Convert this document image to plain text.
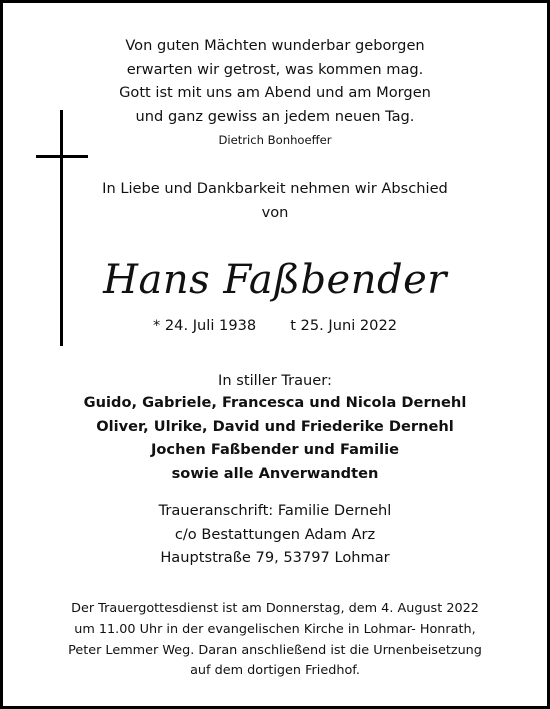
Von guten Mächten wunderbar geborgen
erwarten wir getrost, was kommen mag.
Gott ist mit uns am Abend und am Morgen
und ganz gewiss an jedem neuen Tag.
Dietrich Bonhoeffer
In Liebe und Dankbarkeit nehmen wir Abschied
von
Hans Faßbender
* 24. Juli 1938 t 25. Juni 2022
In stiller Trauer:
Guido, Gabriele, Francesca und Nicola Dernehl
Oliver, Ulrike, David und Friederike Dernehl
Jochen Faßbender und Familie
sowie alle Anverwandten
Traueranschrift: Familie Dernehl
c/o Bestattungen Adam Arz
Hauptstraße 79, 53797 Lohmar
Der Trauergottesdienst ist am Donnerstag, dem 4. August 2022
um 11.00 Uhr in der evangelischen Kirche in Lohmar- Honrath,
Peter Lemmer Weg. Daran anschließend ist die Urnenbeisetzung
auf dem dortigen Friedhof.
